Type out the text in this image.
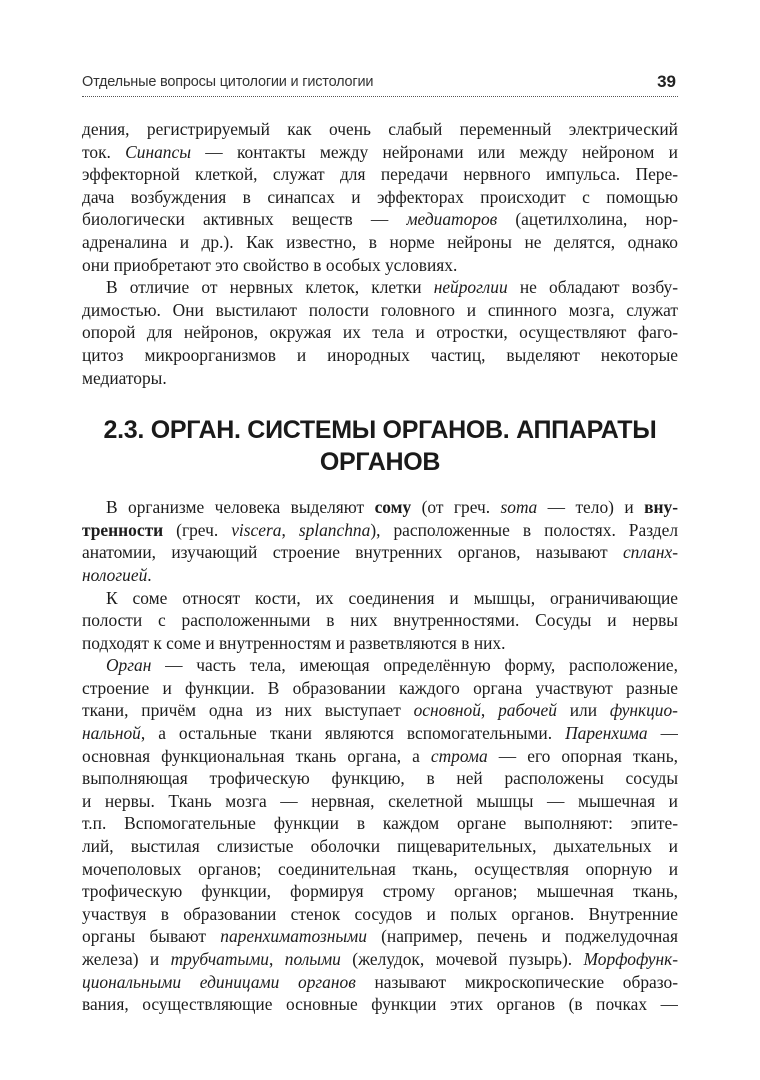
Отдельные вопросы цитологии и гистологии	39
дения, регистрируемый как очень слабый переменный электрический
ток. Синапсы — контакты между нейронами или между нейроном и
эффекторной клеткой, служат для передачи нервного импульса. Пере-
дача возбуждения в синапсах и эффекторах происходит с помощью
биологически активных веществ — медиаторов (ацетилхолина, нор-
адреналина и др.). Как известно, в норме нейроны не делятся, однако
они приобретают это свойство в особых условиях.
В отличие от нервных клеток, клетки нейроглии не обладают возбу-
димостью. Они выстилают полости головного и спинного мозга, служат
опорой для нейронов, окружая их тела и отростки, осуществляют фаго-
цитоз микроорганизмов и инородных частиц, выделяют некоторые
медиаторы.
2.3. ОРГАН. СИСТЕМЫ ОРГАНОВ. АППАРАТЫ
ОРГАНОВ
В организме человека выделяют сому (от греч. soma — тело) и вну-
тренности (греч. viscera, splanchna), расположенные в полостях. Раздел
анатомии, изучающий строение внутренних органов, называют спланх-
нологией.
К соме относят кости, их соединения и мышцы, ограничивающие
полости с расположенными в них внутренностями. Сосуды и нервы
подходят к соме и внутренностям и разветвляются в них.
Орган — часть тела, имеющая определённую форму, расположение,
строение и функции. В образовании каждого органа участвуют разные
ткани, причём одна из них выступает основной, рабочей или функцио-
нальной, а остальные ткани являются вспомогательными. Паренхима —
основная функциональная ткань органа, а строма — его опорная ткань,
выполняющая трофическую функцию, в ней расположены сосуды
и нервы. Ткань мозга — нервная, скелетной мышцы — мышечная и
т.п. Вспомогательные функции в каждом органе выполняют: эпите-
лий, выстилая слизистые оболочки пищеварительных, дыхательных и
мочеполовых органов; соединительная ткань, осуществляя опорную и
трофическую функции, формируя строму органов; мышечная ткань,
участвуя в образовании стенок сосудов и полых органов. Внутренние
органы бывают паренхиматозными (например, печень и поджелудочная
железа) и трубчатыми, полыми (желудок, мочевой пузырь). Морфофунк-
циональными единицами органов называют микроскопические образо-
вания, осуществляющие основные функции этих органов (в почках —
